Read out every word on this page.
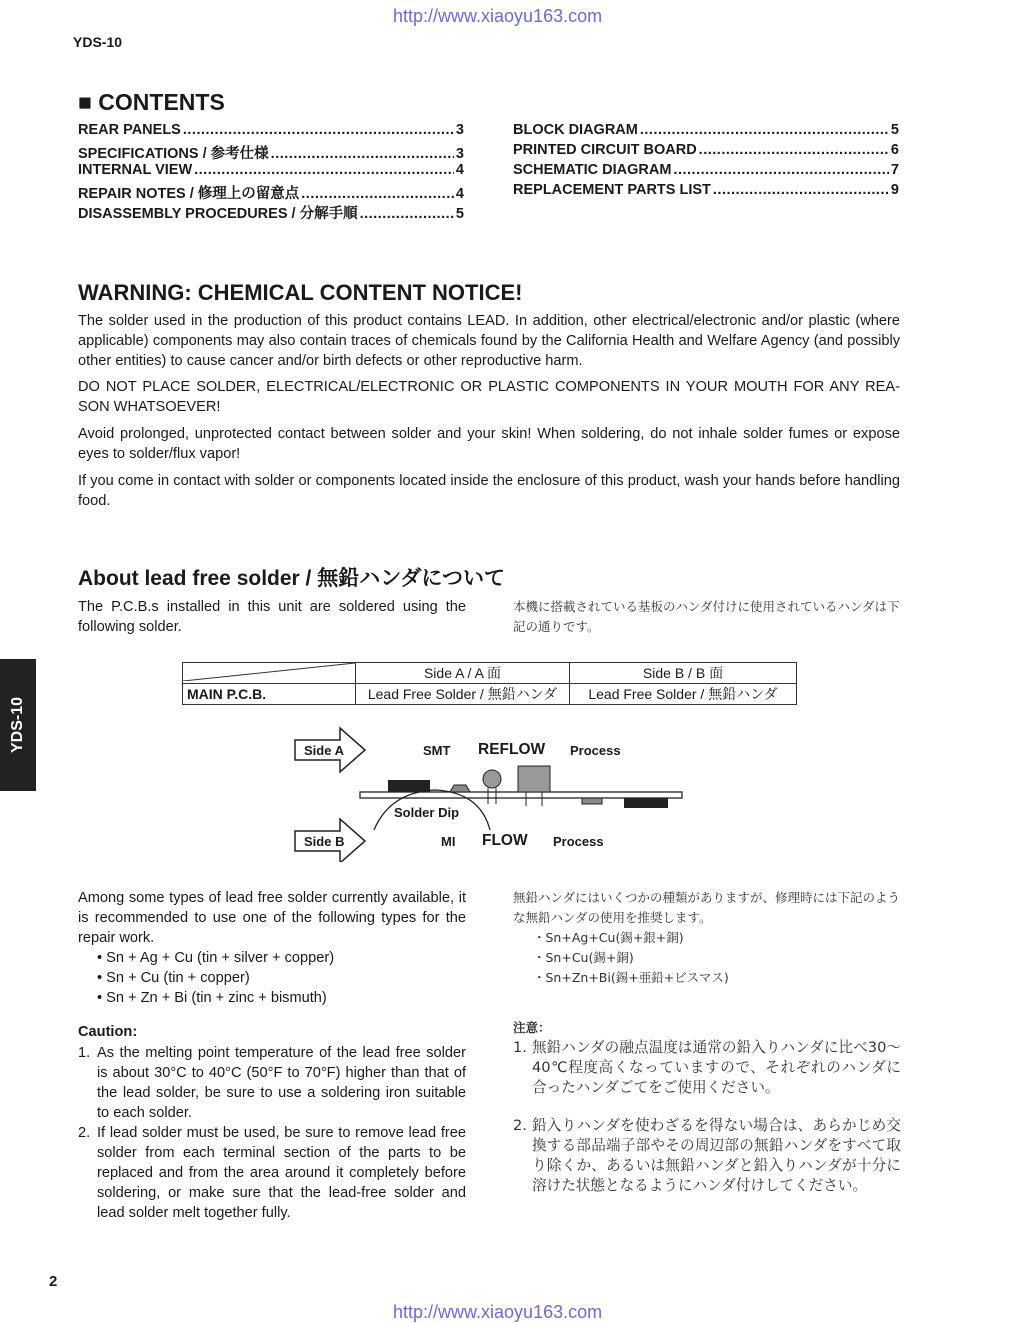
http://www.xiaoyu163.com
YDS-10
■ CONTENTS
REAR PANELS .....	3
SPECIFICATIONS / 参考仕様 .....	3
INTERNAL VIEW .....	4
REPAIR NOTES / 修理上の留意点 .....	4
DISASSEMBLY PROCEDURES / 分解手順 .....	5
BLOCK DIAGRAM .....	5
PRINTED CIRCUIT BOARD .....	6
SCHEMATIC DIAGRAM .....	7
REPLACEMENT PARTS LIST .....	9
WARNING: CHEMICAL CONTENT NOTICE!
The solder used in the production of this product contains LEAD. In addition, other electrical/electronic and/or plastic (where applicable) components may also contain traces of chemicals found by the California Health and Welfare Agency (and possibly other entities) to cause cancer and/or birth defects or other reproductive harm.
DO NOT PLACE SOLDER, ELECTRICAL/ELECTRONIC OR PLASTIC COMPONENTS IN YOUR MOUTH FOR ANY REA-SON WHATSOEVER!
Avoid prolonged, unprotected contact between solder and your skin! When soldering, do not inhale solder fumes or expose eyes to solder/flux vapor!
If you come in contact with solder or components located inside the enclosure of this product, wash your hands before handling food.
About lead free solder / 無鉛ハンダについて
The P.C.B.s installed in this unit are soldered using the following solder.
本機に搭載されている基板のハンダ付けに使用されているハンダは下記の通りです。
	Side A / A 面	Side B / B 面
MAIN P.C.B.	Lead Free Solder / 無鉛ハンダ	Lead Free Solder / 無鉛ハンダ
Side A
Side B
SMT REFLOW Process
Solder Dip
MI FLOW Process
Among some types of lead free solder currently available, it is recommended to use one of the following types for the repair work.
• Sn + Ag + Cu (tin + silver + copper)
• Sn + Cu (tin + copper)
• Sn + Zn + Bi (tin + zinc + bismuth)
無鉛ハンダにはいくつかの種類がありますが、修理時には下記のような無鉛ハンダの使用を推奨します。
・Sn+Ag+Cu(錫+銀+銅)
・Sn+Cu(錫+銅)
・Sn+Zn+Bi(錫+亜鉛+ビスマス)
Caution:
1. As the melting point temperature of the lead free solder is about 30°C to 40°C (50°F to 70°F) higher than that of the lead solder, be sure to use a soldering iron suitable to each solder.
2. If lead solder must be used, be sure to remove lead free solder from each terminal section of the parts to be replaced and from the area around it completely before soldering, or make sure that the lead-free solder and lead solder melt together fully.
注意：
1. 無鉛ハンダの融点温度は通常の鉛入りハンダに比べ30〜40℃程度高くなっていますので、それぞれのハンダに合ったハンダごてをご使用ください。
2. 鉛入りハンダを使わざるを得ない場合は、あらかじめ交換する部品端子部やその周辺部の無鉛ハンダをすべて取り除くか、あるいは無鉛ハンダと鉛入りハンダが十分に溶けた状態となるようにハンダ付けしてください。
YDS-10
2
http://www.xiaoyu163.com
